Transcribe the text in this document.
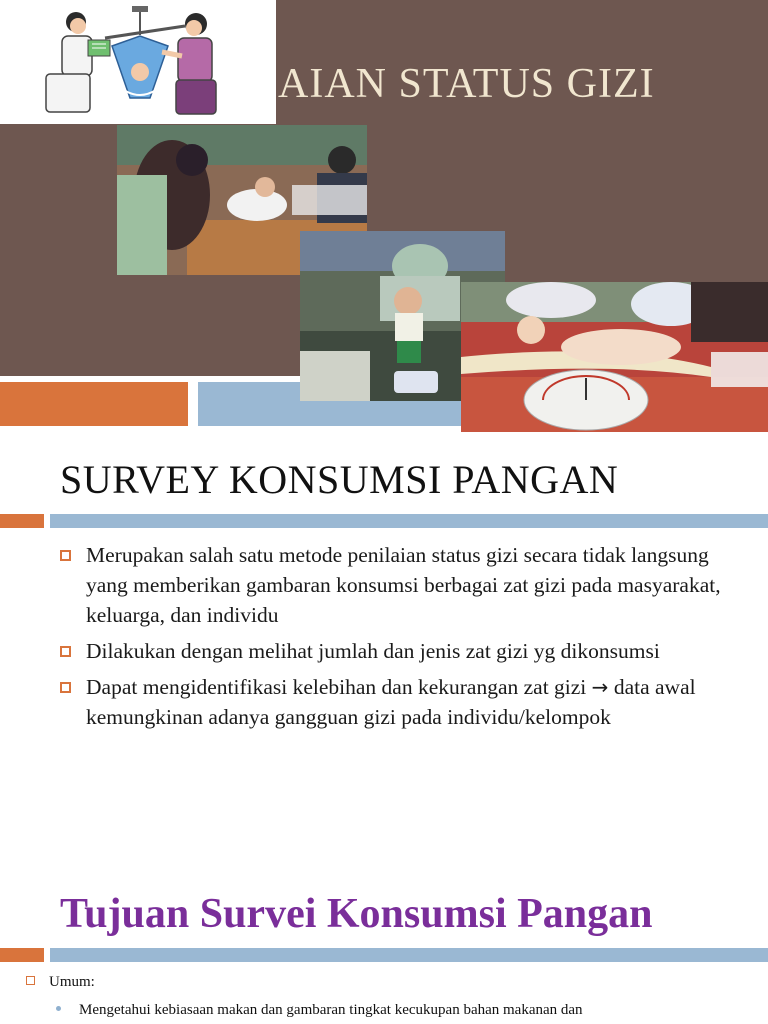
AIAN STATUS GIZI
SURVEY KONSUMSI PANGAN
Merupakan salah satu metode penilaian status gizi secara tidak langsung yang memberikan gambaran konsumsi berbagai zat gizi pada masyarakat, keluarga, dan individu
Dilakukan dengan melihat jumlah dan jenis zat gizi yg dikonsumsi
Dapat mengidentifikasi kelebihan dan kekurangan zat gizi → data awal kemungkinan adanya gangguan gizi pada individu/kelompok
Tujuan Survei Konsumsi Pangan
Umum:
Mengetahui kebiasaan makan dan gambaran tingkat kecukupan bahan makanan dan
